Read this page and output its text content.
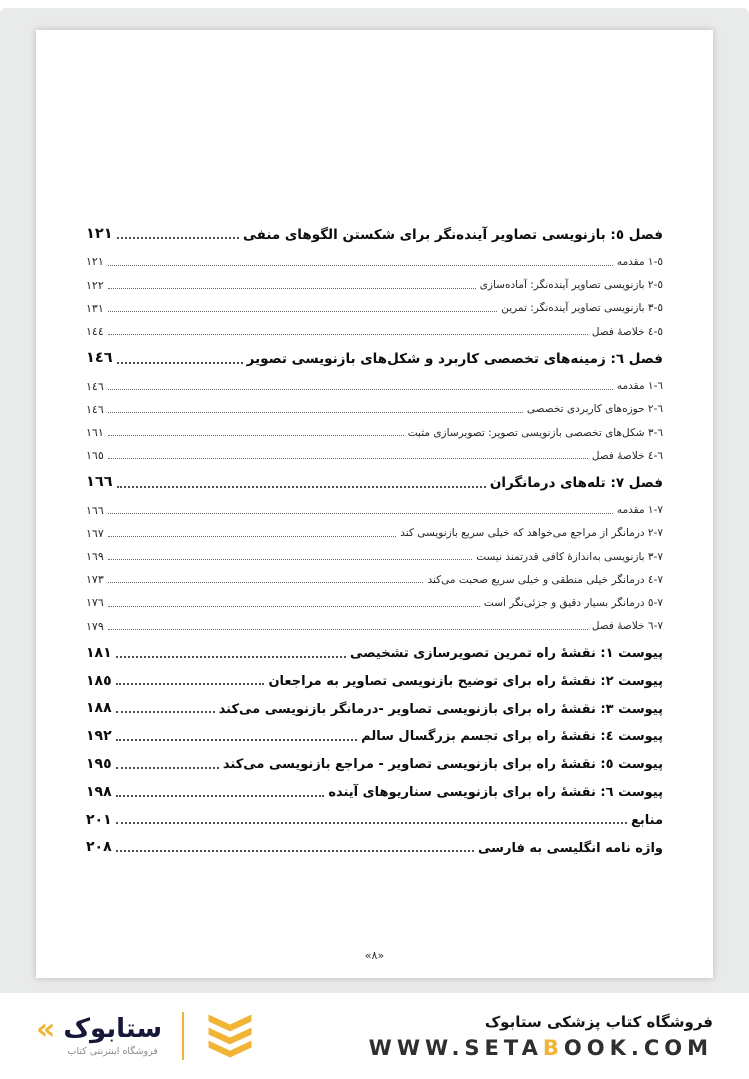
فصل ٥: بازنویسی تصاویر آینده‌نگر برای شکستن الگوهای منفی
١٢١
٥-١ مقدمه
١٢١
٥-٢ بازنویسی تصاویر آینده‌نگر: آماده‌سازی
١٢٢
٥-٣ بازنویسی تصاویر آینده‌نگر: تمرین
١٣١
٥-٤ خلاصهٔ فصل
١٤٤
فصل ٦: زمینه‌های تخصصی کاربرد و شکل‌های بازنویسی تصویر
١٤٦
٦-١ مقدمه
١٤٦
٦-٢ حوزه‌های کاربردی تخصصی
١٤٦
٦-٣ شکل‌های تخصصی بازنویسی تصویر: تصویرسازی مثبت
١٦١
٦-٤ خلاصهٔ فصل
١٦٥
فصل ٧: تله‌های درمانگران
١٦٦
٧-١ مقدمه
١٦٦
٧-٢ درمانگر از مراجع می‌خواهد که خیلی سریع بازنویسی کند
١٦٧
٧-٣ بازنویسی به‌اندازهٔ کافی قدرتمند نیست
١٦٩
٧-٤ درمانگر خیلی منطقی و خیلی سریع صحبت می‌کند
١٧٣
٧-٥ درمانگر بسیار دقیق و جزئی‌نگر است
١٧٦
٧-٦ خلاصهٔ فصل
١٧٩
پیوست ١: نقشهٔ راه تمرین تصویرسازی تشخیصی
١٨١
پیوست ٢: نقشهٔ راه برای توضیح بازنویسی تصاویر به مراجعان
١٨٥
پیوست ٣: نقشهٔ راه برای بازنویسی تصاویر -درمانگر بازنویسی می‌کند
١٨٨
پیوست ٤: نقشهٔ راه برای تجسم بزرگسال سالم
١٩٢
پیوست ٥: نقشهٔ راه برای بازنویسی تصاویر - مراجع بازنویسی می‌کند
١٩٥
پیوست ٦: نقشهٔ راه برای بازنویسی سناریوهای آینده
١٩٨
منابع
٢٠١
واژه نامه انگلیسی به فارسی
٢٠٨
«٨»
« ستابوک
فروشگاه اینترنتی کتاب
فروشگاه کتاب پزشکی ستابوک
WWW.SETABOOK.COM
